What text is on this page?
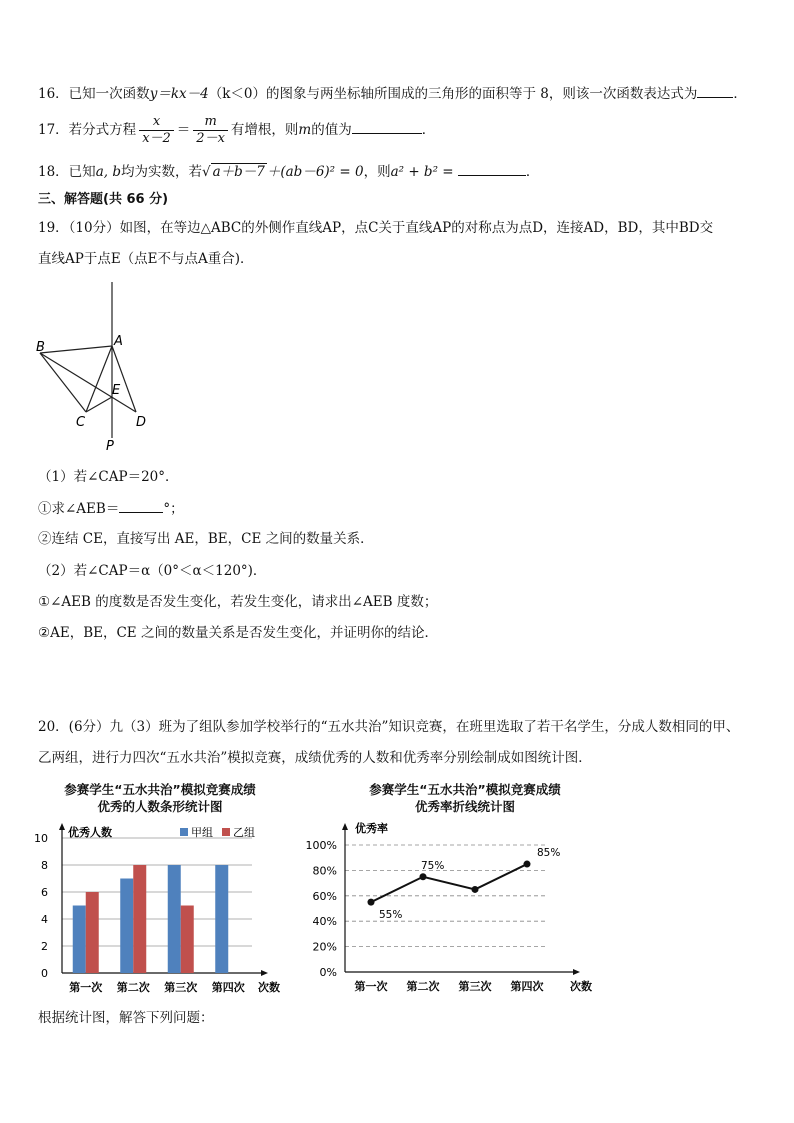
16．已知一次函数y＝kx－4（k＜0）的图象与两坐标轴所围成的三角形的面积等于 8，则该一次函数表达式为	．
17．若分式方程 $\frac{x}{x-2} = \frac{m}{2-x}$ 有增根，则m的值为	．
18．已知a, b均为实数，若√ a＋b－7 ＋(ab－6)² = 0，则a² + b² =	．
三、解答题(共 66 分)
19．（10分）如图，在等边△ABC的外侧作直线AP，点C关于直线AP的对称点为点D，连接AD，BD，其中BD交
直线AP于点E（点E不与点A重合)．
A
B
C	D
E
P
（1）若∠CAP＝20°．
①求∠AEB＝	°；
②连结 CE，直接写出 AE，BE，CE 之间的数量关系．
（2）若∠CAP＝α（0°＜α＜120°)．
①∠AEB 的度数是否发生变化，若发生变化，请求出∠AEB 度数；
②AE，BE，CE 之间的数量关系是否发生变化，并证明你的结论．
20．(6分）九（3）班为了组队参加学校举行的“五水共治”知识竞赛，在班里选取了若干名学生，分成人数相同的甲、
乙两组，进行力四次“五水共治”模拟竞赛，成绩优秀的人数和优秀率分别绘制成如图统计图．
参赛学生“五水共治”模拟竞赛成绩
优秀的人数条形统计图
0
2
4
6
8
10 优秀人数
次数
甲组 乙组
第一次 第二次 第三次 第四次
参赛学生“五水共治”模拟竞赛成绩
优秀率折线统计图
0%
20%
40%
60%
80%
100%
优秀率
次数
55%
75%
85%
第一次 第二次 第三次 第四次
根据统计图，解答下列问题：
